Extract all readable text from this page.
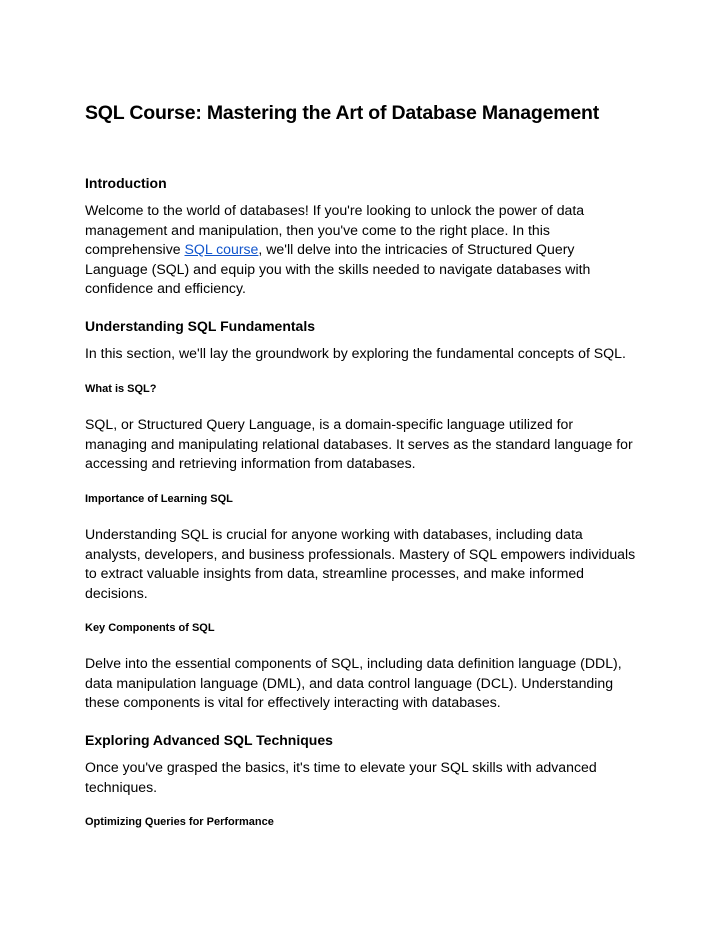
SQL Course: Mastering the Art of Database Management
Introduction

Welcome to the world of databases! If you're looking to unlock the power of data management and manipulation, then you've come to the right place. In this comprehensive SQL course, we'll delve into the intricacies of Structured Query Language (SQL) and equip you with the skills needed to navigate databases with confidence and efficiency.

Understanding SQL Fundamentals

In this section, we'll lay the groundwork by exploring the fundamental concepts of SQL.

What is SQL?

SQL, or Structured Query Language, is a domain-specific language utilized for managing and manipulating relational databases. It serves as the standard language for accessing and retrieving information from databases.

Importance of Learning SQL

Understanding SQL is crucial for anyone working with databases, including data analysts, developers, and business professionals. Mastery of SQL empowers individuals to extract valuable insights from data, streamline processes, and make informed decisions.

Key Components of SQL

Delve into the essential components of SQL, including data definition language (DDL), data manipulation language (DML), and data control language (DCL). Understanding these components is vital for effectively interacting with databases.

Exploring Advanced SQL Techniques

Once you've grasped the basics, it's time to elevate your SQL skills with advanced techniques.

Optimizing Queries for Performance
